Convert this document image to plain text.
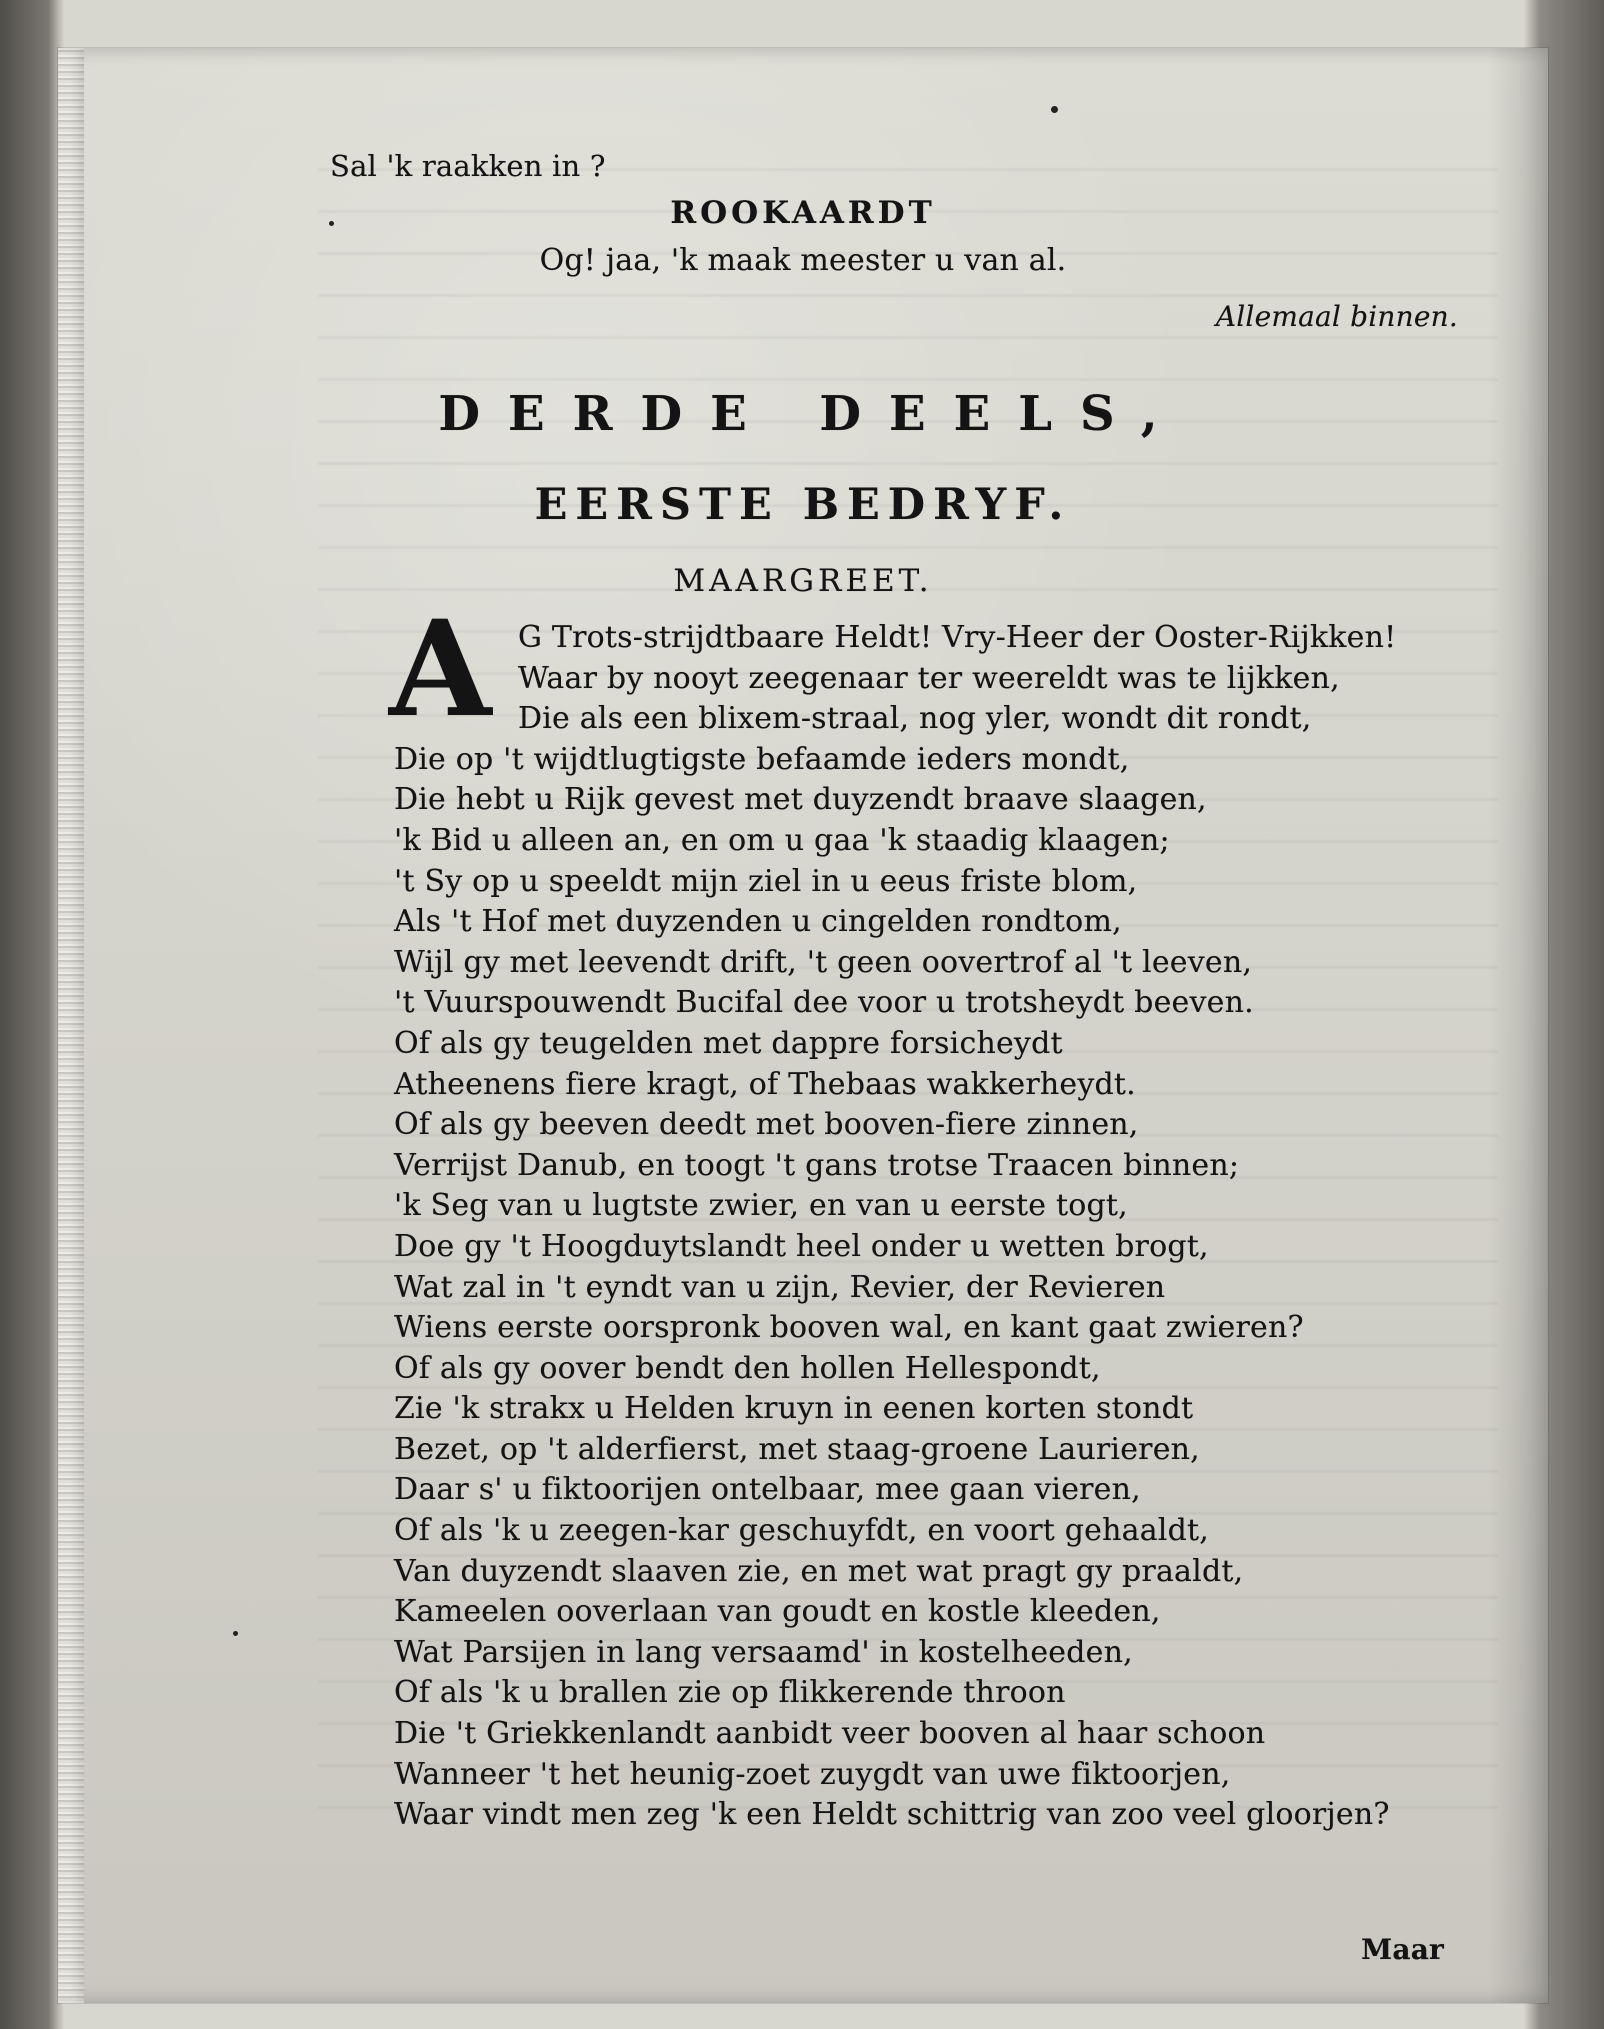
Sal 'k raakken in ?
ROOKAARDT
Og! jaa, 'k maak meester u van al.
Allemaal binnen.
DERDE DEELS,
EERSTE BEDRYF.
MAARGREET.
A G Trots-strijdtbaare Heldt! Vry-Heer der Ooster-Rijkken!
Waar by nooyt zeegenaar ter weereldt was te lijkken,
Die als een blixem-straal, nog yler, wondt dit rondt,
Die op 't wijdtlugtigste befaamde ieders mondt,
Die hebt u Rijk gevest met duyzendt braave slaagen,
'k Bid u alleen an, en om u gaa 'k staadig klaagen;
't Sy op u speeldt mijn ziel in u eeus friste blom,
Als 't Hof met duyzenden u cingelden rondtom,
Wijl gy met leevendt drift, 't geen oovertrof al 't leeven,
't Vuurspouwendt Bucifal dee voor u trotsheydt beeven.
Of als gy teugelden met dappre forsicheydt
Atheenens fiere kragt, of Thebaas wakkerheydt.
Of als gy beeven deedt met booven-fiere zinnen,
Verrijst Danub, en toogt 't gans trotse Traacen binnen;
'k Seg van u lugtste zwier, en van u eerste togt,
Doe gy 't Hoogduytslandt heel onder u wetten brogt,
Wat zal in 't eyndt van u zijn, Revier, der Revieren
Wiens eerste oorspronk booven wal, en kant gaat zwieren?
Of als gy oover bendt den hollen Hellespondt,
Zie 'k strakx u Helden kruyn in eenen korten stondt
Bezet, op 't alderfierst, met staag-groene Laurieren,
Daar s' u fiktoorijen ontelbaar, mee gaan vieren,
Of als 'k u zeegen-kar geschuyfdt, en voort gehaaldt,
Van duyzendt slaaven zie, en met wat pragt gy praaldt,
Kameelen ooverlaan van goudt en kostle kleeden,
Wat Parsijen in lang versaamd' in kostelheeden,
Of als 'k u brallen zie op flikkerende throon
Die 't Griekkenlandt aanbidt veer booven al haar schoon
Wanneer 't het heunig-zoet zuygdt van uwe fiktoorjen,
Waar vindt men zeg 'k een Heldt schittrig van zoo veel gloorjen?
Maar
